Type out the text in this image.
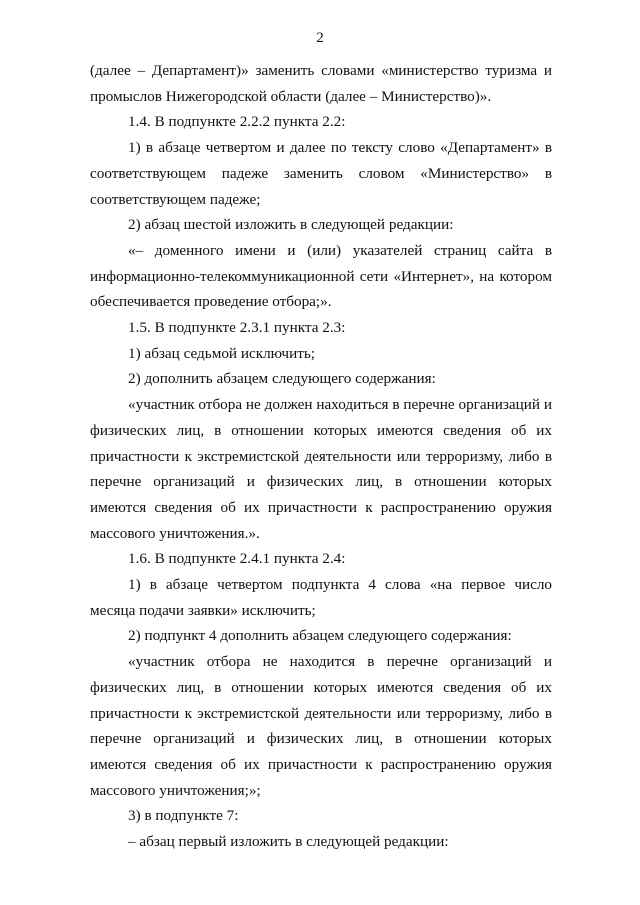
2

(далее – Департамент)» заменить словами «министерство туризма и промыслов Нижегородской области (далее – Министерство)».

1.4. В подпункте 2.2.2 пункта 2.2:

1) в абзаце четвертом и далее по тексту слово «Департамент» в соответствующем падеже заменить словом «Министерство» в соответствующем падеже;

2) абзац шестой изложить в следующей редакции:

«– доменного имени и (или) указателей страниц сайта в информационно-телекоммуникационной сети «Интернет», на котором обеспечивается проведение отбора;».

1.5. В подпункте 2.3.1 пункта 2.3:

1) абзац седьмой исключить;

2) дополнить абзацем следующего содержания:

«участник отбора не должен находиться в перечне организаций и физических лиц, в отношении которых имеются сведения об их причастности к экстремистской деятельности или терроризму, либо в перечне организаций и физических лиц, в отношении которых имеются сведения об их причастности к распространению оружия массового уничтожения.».

1.6. В подпункте 2.4.1 пункта 2.4:

1) в абзаце четвертом подпункта 4 слова «на первое число месяца подачи заявки» исключить;

2) подпункт 4 дополнить абзацем следующего содержания:

«участник отбора не находится в перечне организаций и физических лиц, в отношении которых имеются сведения об их причастности к экстремистской деятельности или терроризму, либо в перечне организаций и физических лиц, в отношении которых имеются сведения об их причастности к распространению оружия массового уничтожения;»;

3) в подпункте 7:

– абзац первый изложить в следующей редакции:
